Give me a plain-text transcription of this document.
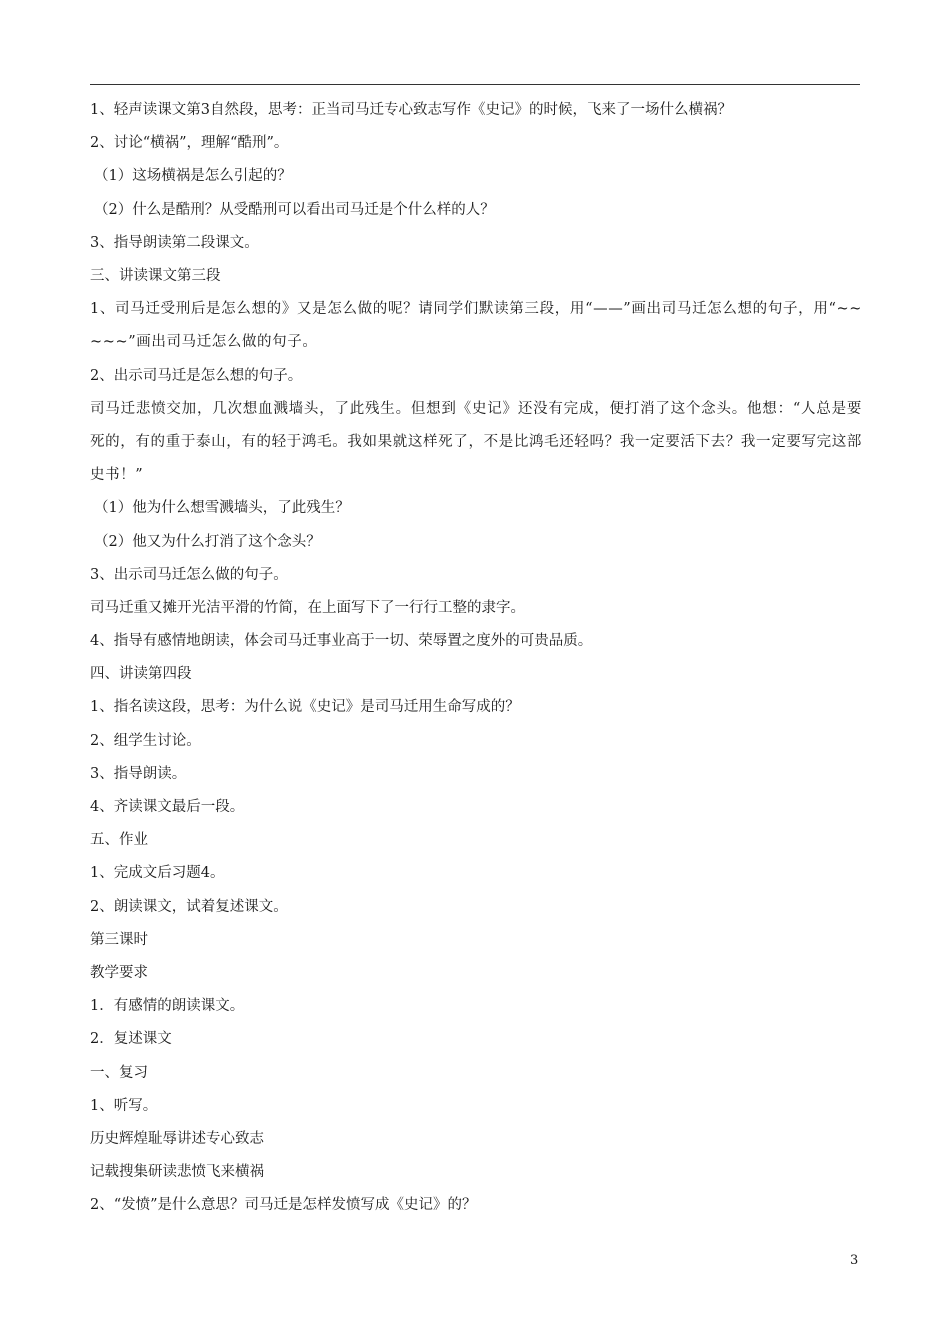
1、轻声读课文第3自然段，思考：正当司马迁专心致志写作《史记》的时候，飞来了一场什么横祸？
2、讨论“横祸”，理解“酷刑”。
（1）这场横祸是怎么引起的？
（2）什么是酷刑？从受酷刑可以看出司马迁是个什么样的人？
3、指导朗读第二段课文。
三、讲读课文第三段
1、司马迁受刑后是怎么想的》又是怎么做的呢？请同学们默读第三段，用“——”画出司马迁怎么想的句子，用“~~~~~”画出司马迁怎么做的句子。
2、出示司马迁是怎么想的句子。
司马迁悲愤交加，几次想血溅墙头，了此残生。但想到《史记》还没有完成，便打消了这个念头。他想：“人总是要死的，有的重于泰山，有的轻于鸿毛。我如果就这样死了，不是比鸿毛还轻吗？我一定要活下去？我一定要写完这部史书！”
（1）他为什么想雪溅墙头，了此残生？
（2）他又为什么打消了这个念头？
3、出示司马迁怎么做的句子。
司马迁重又摊开光洁平滑的竹简，在上面写下了一行行工整的隶字。
4、指导有感情地朗读，体会司马迁事业高于一切、荣辱置之度外的可贵品质。
四、讲读第四段
1、指名读这段，思考：为什么说《史记》是司马迁用生命写成的？
2、组学生讨论。
3、指导朗读。
4、齐读课文最后一段。
五、作业
1、完成文后习题4。
2、朗读课文，试着复述课文。
第三课时
教学要求
1．有感情的朗读课文。
2．复述课文
一、复习
1、听写。
历史辉煌耻辱讲述专心致志
记载搜集研读悲愤飞来横祸
2、“发愤”是什么意思？司马迁是怎样发愤写成《史记》的？
3
